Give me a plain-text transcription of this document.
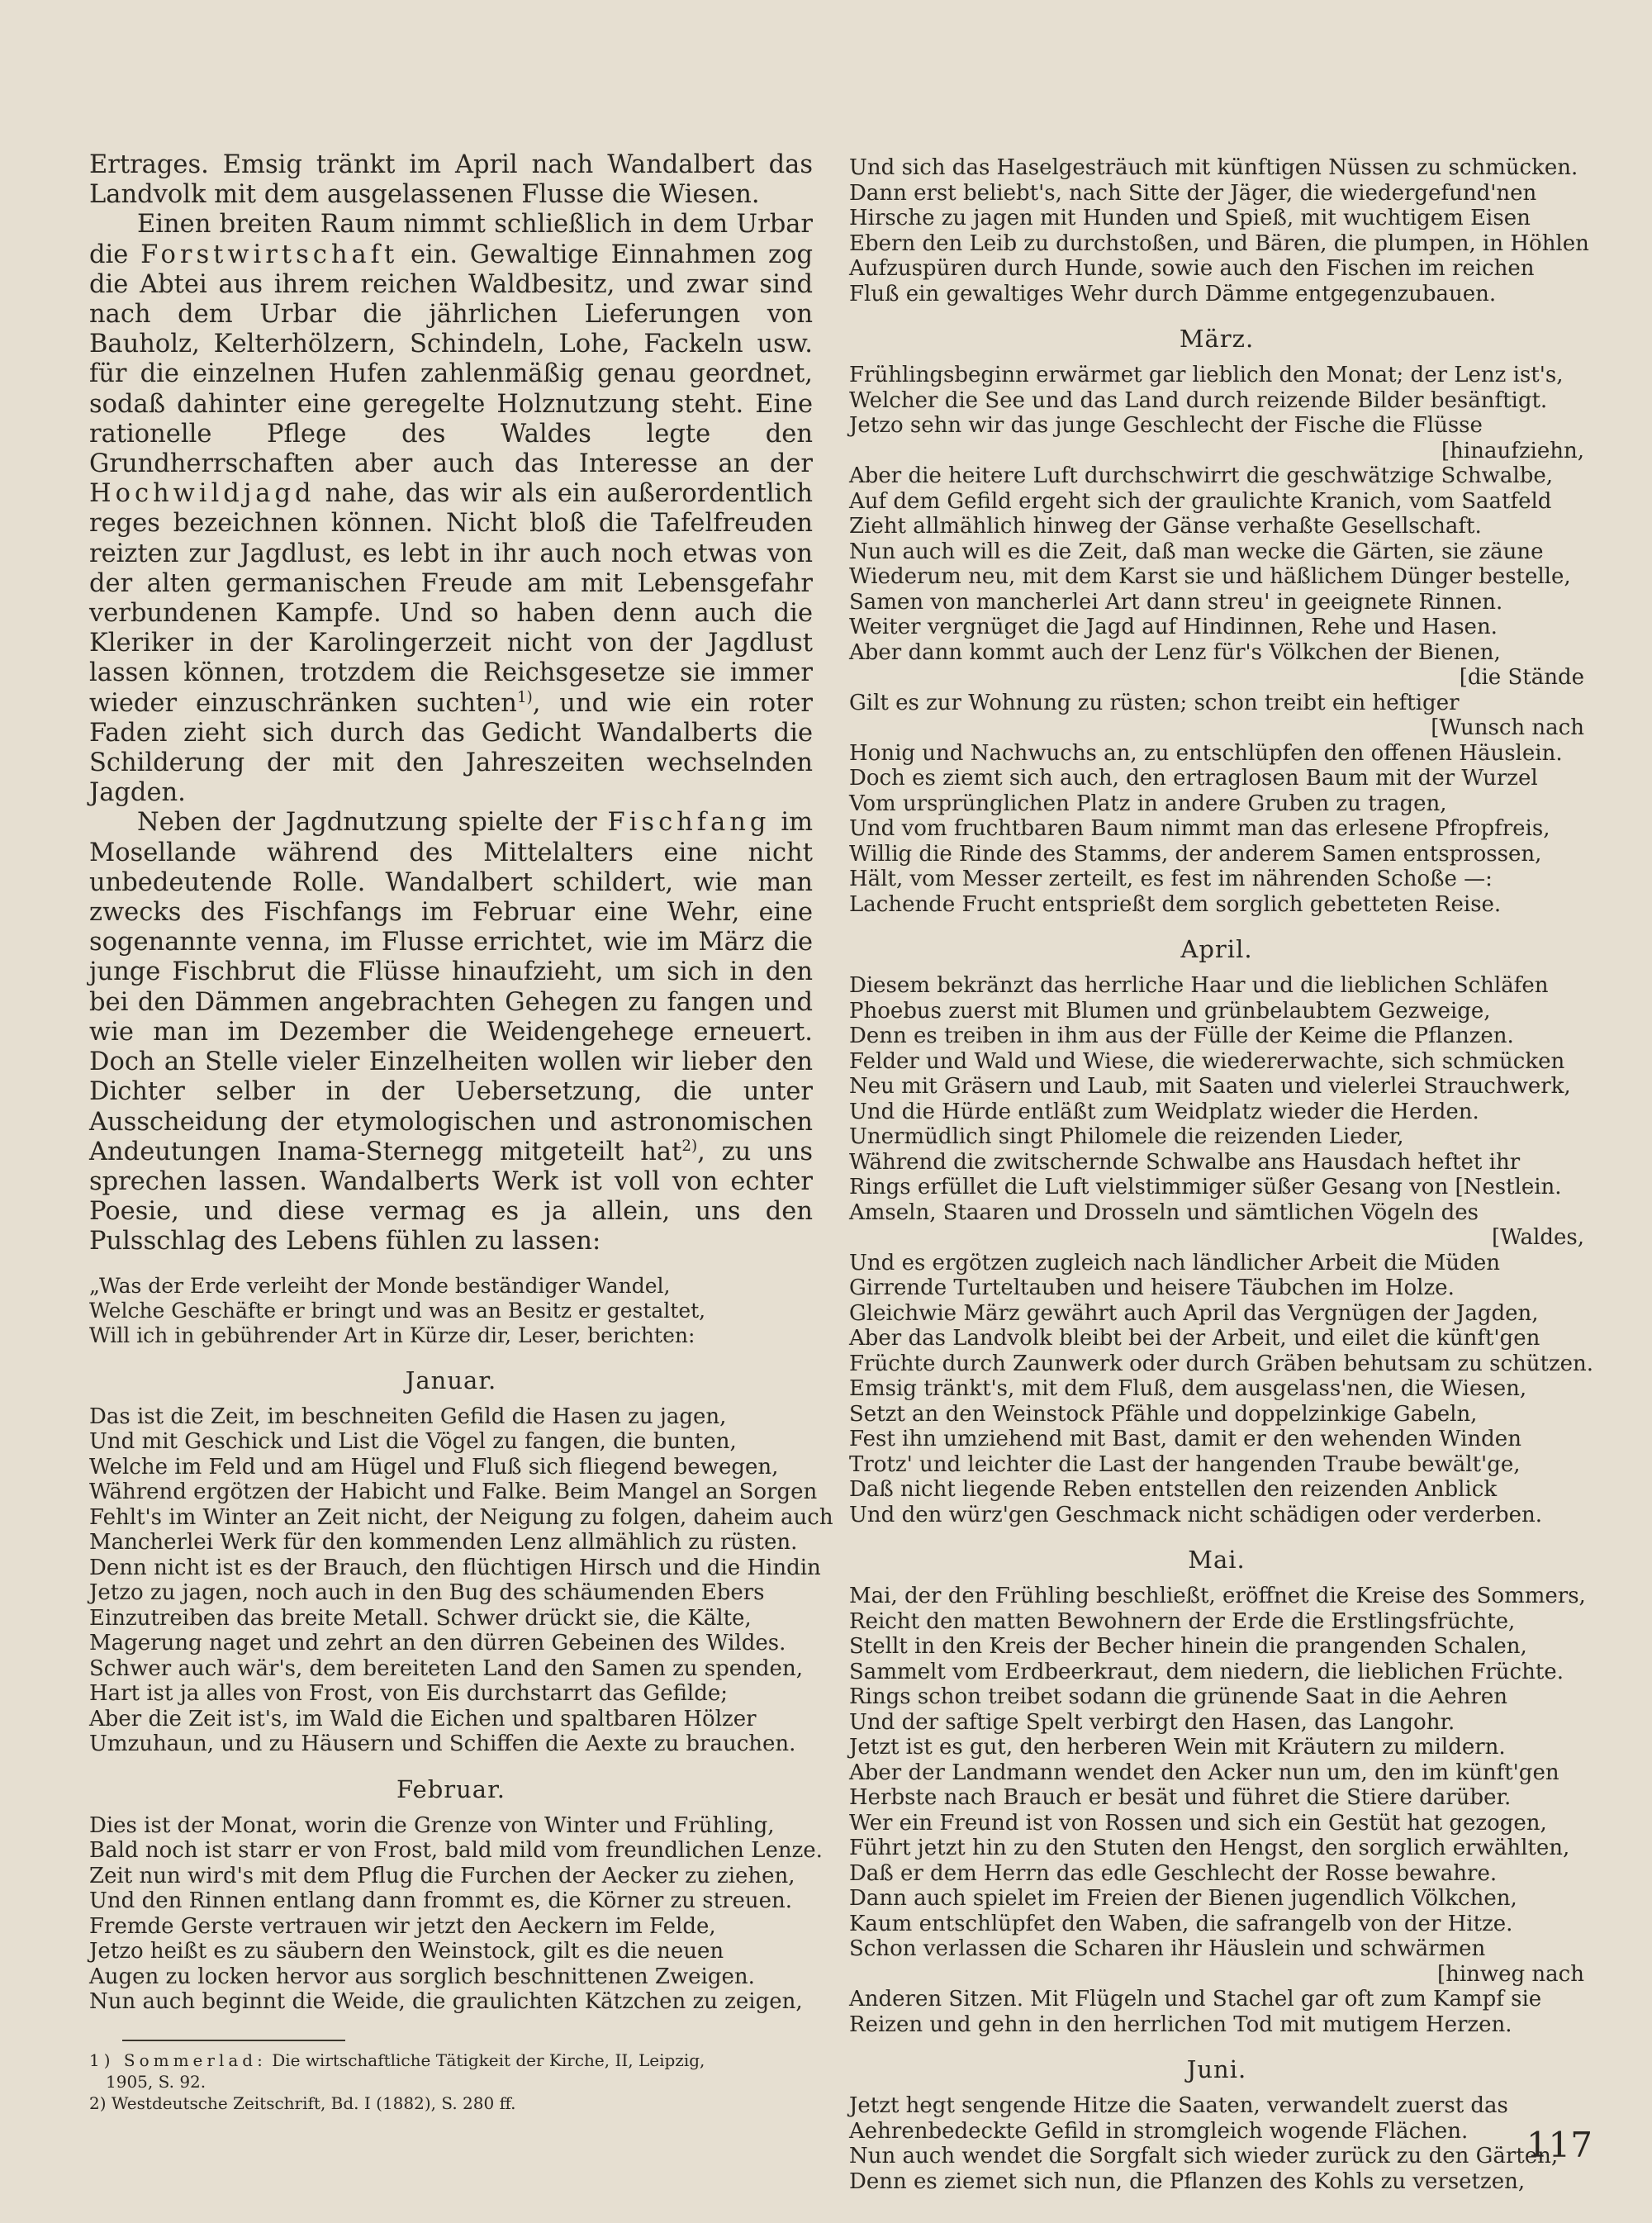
Ertrages. Emsig tränkt im April nach Wandalbert das Landvolk mit dem ausgelassenen Flusse die Wiesen.

Einen breiten Raum nimmt schließlich in dem Urbar die Forstwirtschaft ein. Gewaltige Einnahmen zog die Abtei aus ihrem reichen Waldbesitz, und zwar sind nach dem Urbar die jährlichen Lieferungen von Bauholz, Kelterhölzern, Schindeln, Lohe, Fackeln usw. für die einzelnen Hufen zahlenmäßig genau geordnet, sodaß dahinter eine geregelte Holznutzung steht. Eine rationelle Pflege des Waldes legte den Grundherrschaften aber auch das Interesse an der Hochwildjagd nahe, das wir als ein außerordentlich reges bezeichnen können. Nicht bloß die Tafelfreuden reizten zur Jagdlust, es lebt in ihr auch noch etwas von der alten germanischen Freude am mit Lebensgefahr verbundenen Kampfe. Und so haben denn auch die Kleriker in der Karolingerzeit nicht von der Jagdlust lassen können, trotzdem die Reichsgesetze sie immer wieder einzuschränken suchten$^{1)}$, und wie ein roter Faden zieht sich durch das Gedicht Wandalberts die Schilderung der mit den Jahreszeiten wechselnden Jagden.

Neben der Jagdnutzung spielte der Fischfang im Mosellande während des Mittelalters eine nicht unbedeutende Rolle. Wandalbert schildert, wie man zwecks des Fischfangs im Februar eine Wehr, eine sogenannte venna, im Flusse errichtet, wie im März die junge Fischbrut die Flüsse hinaufzieht, um sich in den bei den Dämmen angebrachten Gehegen zu fangen und wie man im Dezember die Weidengehege erneuert. Doch an Stelle vieler Einzelheiten wollen wir lieber den Dichter selber in der Uebersetzung, die unter Ausscheidung der etymologischen und astronomischen Andeutungen Inama-Sternegg mitgeteilt hat$^{2)}$, zu uns sprechen lassen. Wandalberts Werk ist voll von echter Poesie, und diese vermag es ja allein, uns den Pulsschlag des Lebens fühlen zu lassen:

„Was der Erde verleiht der Monde beständiger Wandel,
Welche Geschäfte er bringt und was an Besitz er gestaltet,
Will ich in gebührender Art in Kürze dir, Leser, berichten:
Januar.
Das ist die Zeit, im beschneiten Gefild die Hasen zu jagen,
Und mit Geschick und List die Vögel zu fangen, die bunten,
Welche im Feld und am Hügel und Fluß sich fliegend bewegen,
Während ergötzen der Habicht und Falke. Beim Mangel an Sorgen
Fehlt's im Winter an Zeit nicht, der Neigung zu folgen, daheim auch
Mancherlei Werk für den kommenden Lenz allmählich zu rüsten.
Denn nicht ist es der Brauch, den flüchtigen Hirsch und die Hindin
Jetzo zu jagen, noch auch in den Bug des schäumenden Ebers
Einzutreiben das breite Metall. Schwer drückt sie, die Kälte,
Magerung naget und zehrt an den dürren Gebeinen des Wildes.
Schwer auch wär's, dem bereiteten Land den Samen zu spenden,
Hart ist ja alles von Frost, von Eis durchstarrt das Gefilde;
Aber die Zeit ist's, im Wald die Eichen und spaltbaren Hölzer
Umzuhaun, und zu Häusern und Schiffen die Aexte zu brauchen.
Februar.
Dies ist der Monat, worin die Grenze von Winter und Frühling,
Bald noch ist starr er von Frost, bald mild vom freundlichen Lenze.
Zeit nun wird's mit dem Pflug die Furchen der Aecker zu ziehen,
Und den Rinnen entlang dann frommt es, die Körner zu streuen.
Fremde Gerste vertrauen wir jetzt den Aeckern im Felde,
Jetzo heißt es zu säubern den Weinstock, gilt es die neuen
Augen zu locken hervor aus sorglich beschnittenen Zweigen.
Nun auch beginnt die Weide, die graulichten Kätzchen zu zeigen,
1) Sommerlad: Die wirtschaftliche Tätigkeit der Kirche, II, Leipzig,
1905, S. 92.
2) Westdeutsche Zeitschrift, Bd. I (1882), S. 280 ff.
Und sich das Haselgesträuch mit künftigen Nüssen zu schmücken.
Dann erst beliebt's, nach Sitte der Jäger, die wiedergefund'nen
Hirsche zu jagen mit Hunden und Spieß, mit wuchtigem Eisen
Ebern den Leib zu durchstoßen, und Bären, die plumpen, in Höhlen
Aufzuspüren durch Hunde, sowie auch den Fischen im reichen
Fluß ein gewaltiges Wehr durch Dämme entgegenzubauen.
März.
Frühlingsbeginn erwärmet gar lieblich den Monat; der Lenz ist's,
Welcher die See und das Land durch reizende Bilder besänftigt.
Jetzo sehn wir das junge Geschlecht der Fische die Flüsse
[hinaufziehn,
Aber die heitere Luft durchschwirrt die geschwätzige Schwalbe,
Auf dem Gefild ergeht sich der graulichte Kranich, vom Saatfeld
Zieht allmählich hinweg der Gänse verhaßte Gesellschaft.
Nun auch will es die Zeit, daß man wecke die Gärten, sie zäune
Wiederum neu, mit dem Karst sie und häßlichem Dünger bestelle,
Samen von mancherlei Art dann streu' in geeignete Rinnen.
Weiter vergnüget die Jagd auf Hindinnen, Rehe und Hasen.
Aber dann kommt auch der Lenz für's Völkchen der Bienen,
[die Stände
Gilt es zur Wohnung zu rüsten; schon treibt ein heftiger
[Wunsch nach
Honig und Nachwuchs an, zu entschlüpfen den offenen Häuslein.
Doch es ziemt sich auch, den ertraglosen Baum mit der Wurzel
Vom ursprünglichen Platz in andere Gruben zu tragen,
Und vom fruchtbaren Baum nimmt man das erlesene Pfropfreis,
Willig die Rinde des Stamms, der anderem Samen entsprossen,
Hält, vom Messer zerteilt, es fest im nährenden Schoße —:
Lachende Frucht entsprießt dem sorglich gebetteten Reise.
April.
Diesem bekränzt das herrliche Haar und die lieblichen Schläfen
Phoebus zuerst mit Blumen und grünbelaubtem Gezweige,
Denn es treiben in ihm aus der Fülle der Keime die Pflanzen.
Felder und Wald und Wiese, die wiedererwachte, sich schmücken
Neu mit Gräsern und Laub, mit Saaten und vielerlei Strauchwerk,
Und die Hürde entläßt zum Weidplatz wieder die Herden.
Unermüdlich singt Philomele die reizenden Lieder,
Während die zwitschernde Schwalbe ans Hausdach heftet ihr
Rings erfüllet die Luft vielstimmiger süßer Gesang von [Nestlein.
Amseln, Staaren und Drosseln und sämtlichen Vögeln des
[Waldes,
Und es ergötzen zugleich nach ländlicher Arbeit die Müden
Girrende Turteltauben und heisere Täubchen im Holze.
Gleichwie März gewährt auch April das Vergnügen der Jagden,
Aber das Landvolk bleibt bei der Arbeit, und eilet die künft'gen
Früchte durch Zaunwerk oder durch Gräben behutsam zu schützen.
Emsig tränkt's, mit dem Fluß, dem ausgelass'nen, die Wiesen,
Setzt an den Weinstock Pfähle und doppelzinkige Gabeln,
Fest ihn umziehend mit Bast, damit er den wehenden Winden
Trotz' und leichter die Last der hangenden Traube bewält'ge,
Daß nicht liegende Reben entstellen den reizenden Anblick
Und den würz'gen Geschmack nicht schädigen oder verderben.
Mai.
Mai, der den Frühling beschließt, eröffnet die Kreise des Sommers,
Reicht den matten Bewohnern der Erde die Erstlingsfrüchte,
Stellt in den Kreis der Becher hinein die prangenden Schalen,
Sammelt vom Erdbeerkraut, dem niedern, die lieblichen Früchte.
Rings schon treibet sodann die grünende Saat in die Aehren
Und der saftige Spelt verbirgt den Hasen, das Langohr.
Jetzt ist es gut, den herberen Wein mit Kräutern zu mildern.
Aber der Landmann wendet den Acker nun um, den im künft'gen
Herbste nach Brauch er besät und führet die Stiere darüber.
Wer ein Freund ist von Rossen und sich ein Gestüt hat gezogen,
Führt jetzt hin zu den Stuten den Hengst, den sorglich erwählten,
Daß er dem Herrn das edle Geschlecht der Rosse bewahre.
Dann auch spielet im Freien der Bienen jugendlich Völkchen,
Kaum entschlüpfet den Waben, die safrangelb von der Hitze.
Schon verlassen die Scharen ihr Häuslein und schwärmen
[hinweg nach
Anderen Sitzen. Mit Flügeln und Stachel gar oft zum Kampf sie
Reizen und gehn in den herrlichen Tod mit mutigem Herzen.
Juni.
Jetzt hegt sengende Hitze die Saaten, verwandelt zuerst das
Aehrenbedeckte Gefild in stromgleich wogende Flächen.
Nun auch wendet die Sorgfalt sich wieder zurück zu den Gärten,
Denn es ziemet sich nun, die Pflanzen des Kohls zu versetzen,
117
